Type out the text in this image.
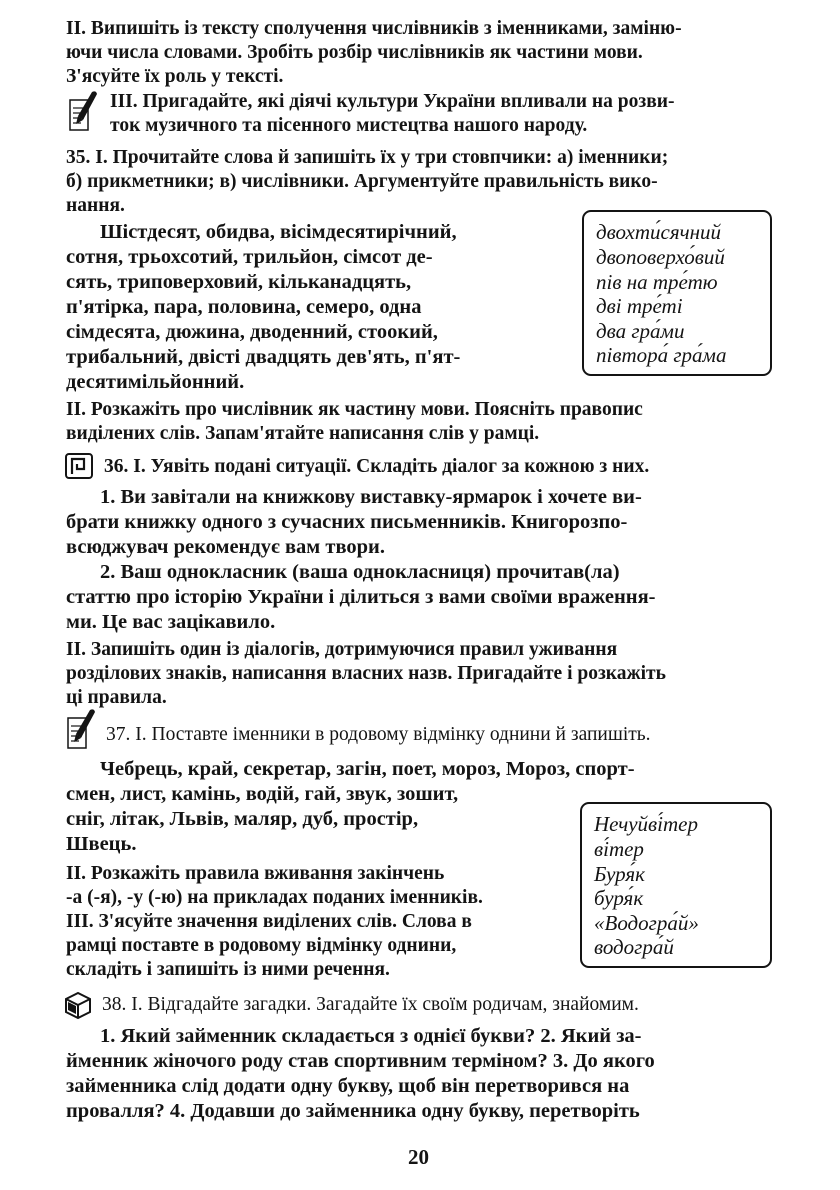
II. Випишіть із тексту сполучення числівників з іменниками, заміню-
ючи числа словами. Зробіть розбір числівників як частини мови.
З'ясуйте їх роль у тексті.
III. Пригадайте, які діячі культури України впливали на розви-
ток музичного та пісенного мистецтва нашого народу.
35. I. Прочитайте слова й запишіть їх у три стовпчики: а) іменники;
б) прикметники; в) числівники. Аргументуйте правильність вико-
нання.
Шістдесят, обидва, вісімдесятирічний,
сотня, трьохсотий, трильйон, сімсот де-
сять, триповерховий, кільканадцять,
п'ятірка, пара, половина, семеро, одна
сімдесята, дюжина, дводенний, стоокий,
трибальний, двісті двадцять дев'ять, п'ят-
десятимільйонний.
двохти́сячний
двоповерхо́вий
пів на тре́тю
дві тре́ті
два гра́ми
півтора́ гра́ма
II. Розкажіть про числівник як частину мови. Поясніть правопис
виділених слів. Запам'ятайте написання слів у рамці.
36. I. Уявіть подані ситуації. Складіть діалог за кожною з них.
1. Ви завітали на книжкову виставку-ярмарок і хочете ви-
брати книжку одного з сучасних письменників. Книгорозпо-
всюджувач рекомендує вам твори.
2. Ваш однокласник (ваша однокласниця) прочитав(ла)
статтю про історію України і ділиться з вами своїми враження-
ми. Це вас зацікавило.
II. Запишіть один із діалогів, дотримуючися правил уживання
розділових знаків, написання власних назв. Пригадайте і розкажіть
ці правила.
37. I. Поставте іменники в родовому відмінку однини й запишіть.
Чебрець, край, секретар, загін, поет, мороз, Мороз, спорт-
смен, лист, камінь, водій, гай, звук, зошит,
сніг, літак, Львів, маляр, дуб, простір,
Швець.
II. Розкажіть правила вживання закінчень
-а (-я), -у (-ю) на прикладах поданих іменників.
III. З'ясуйте значення виділених слів. Слова в
рамці поставте в родовому відмінку однини,
складіть і запишіть із ними речення.
Нечуйві́тер
ві́тер
Буря́к
буря́к
«Водогра́й»
водогра́й
38. I. Відгадайте загадки. Загадайте їх своїм родичам, знайомим.
1. Який займенник складається з однієї букви? 2. Який за-
йменник жіночого роду став спортивним терміном? 3. До якого
займенника слід додати одну букву, щоб він перетворився на
провалля? 4. Додавши до займенника одну букву, перетворіть
20
